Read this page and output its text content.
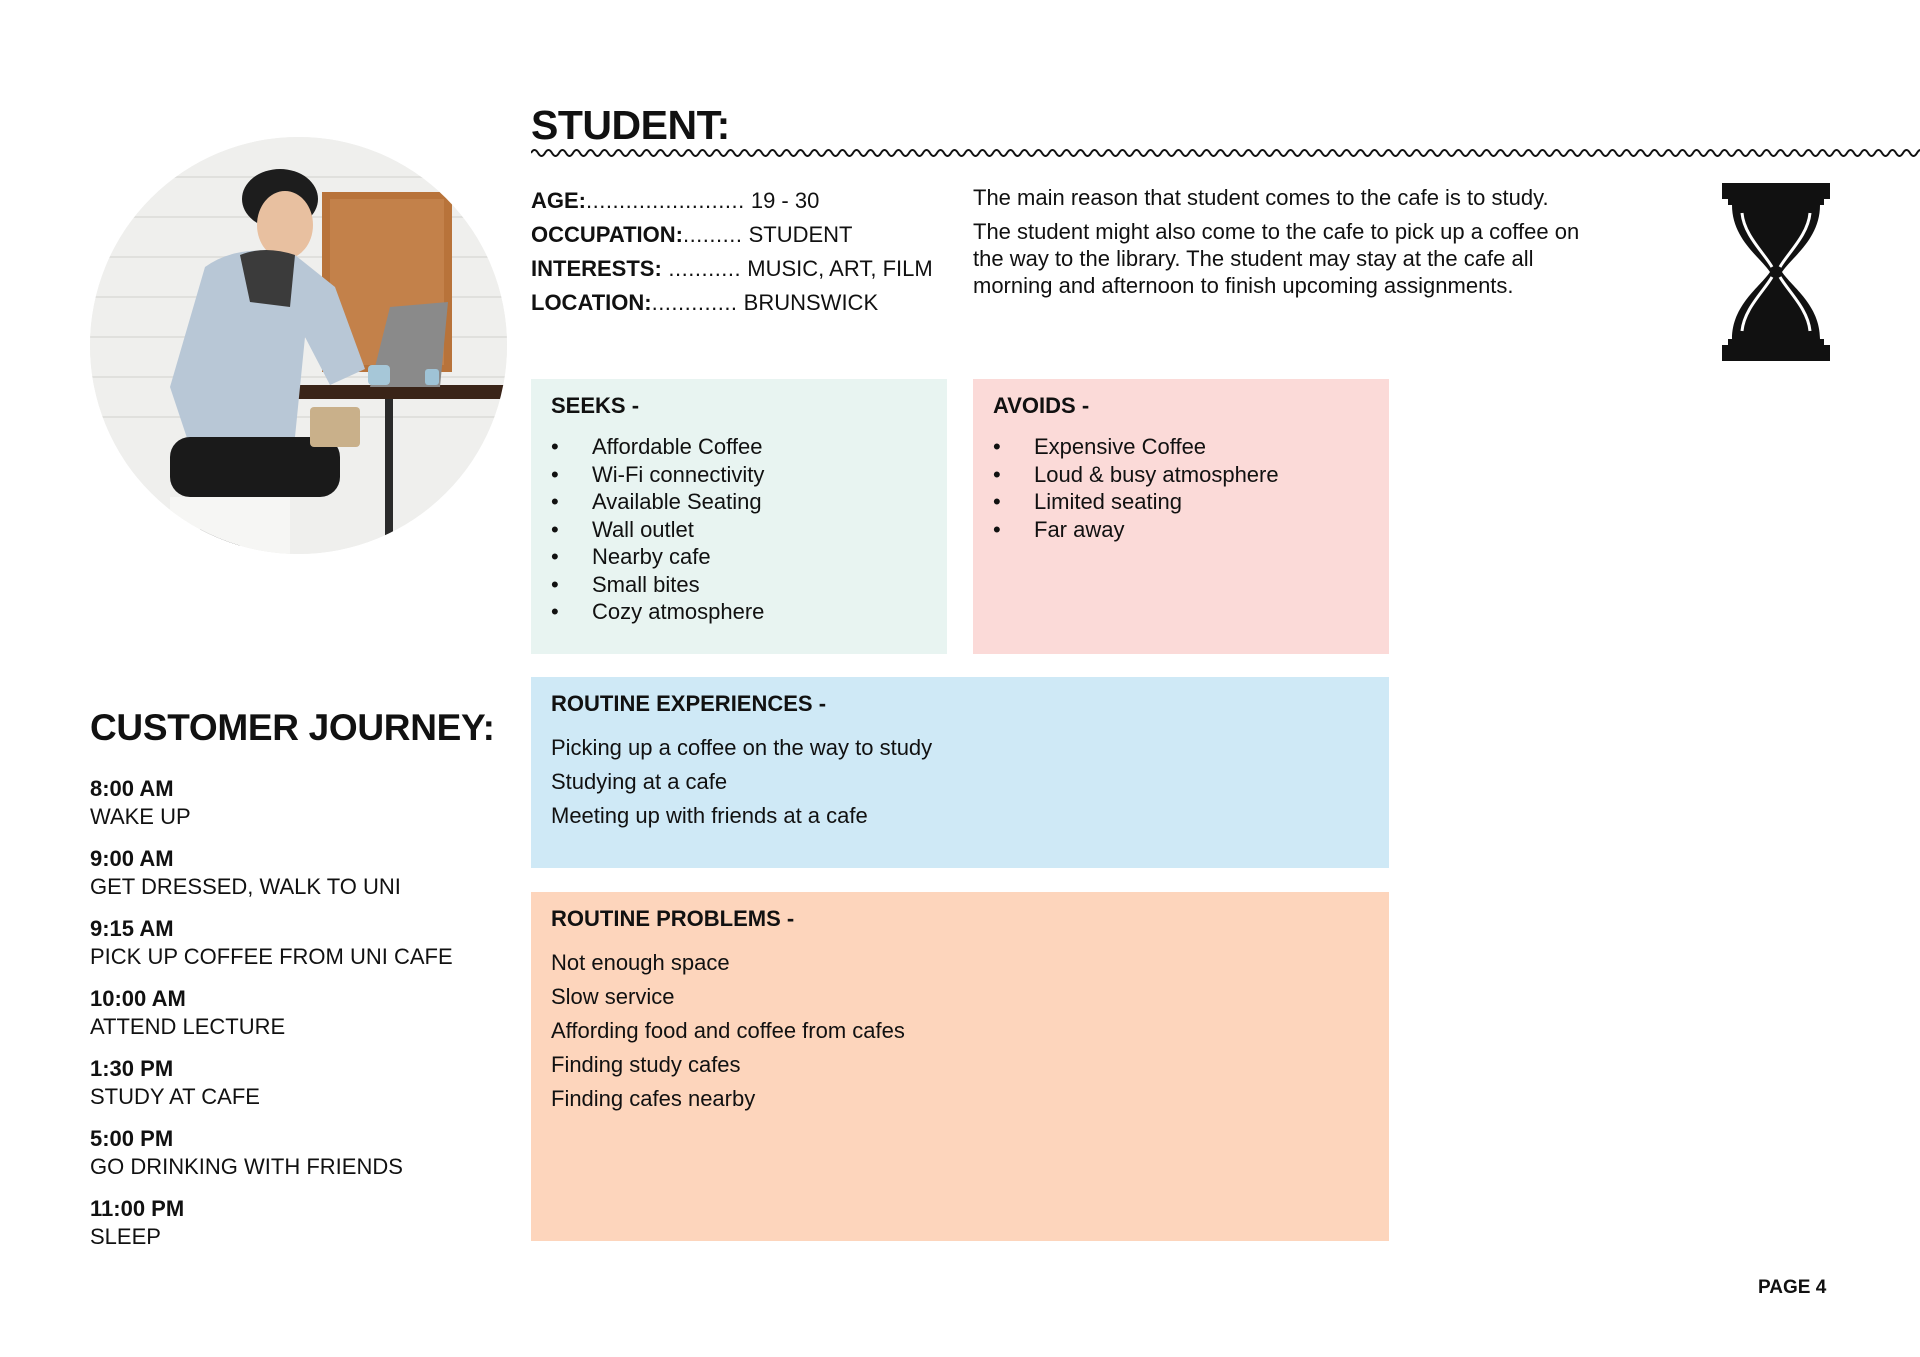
STUDENT:
AGE:........................ 19 - 30
OCCUPATION:......... STUDENT
INTERESTS: ........... MUSIC, ART, FILM
LOCATION:............. BRUNSWICK

The main reason that student comes to the cafe is to study.

The student might also come to the cafe to pick up a coffee on the way to the library. The student may stay at the cafe all morning and afternoon to finish upcoming assignments.

SEEKS -
• Affordable Coffee
• Wi-Fi connectivity
• Available Seating
• Wall outlet
• Nearby cafe
• Small bites
• Cozy atmosphere
AVOIDS -
• Expensive Coffee
• Loud & busy atmosphere
• Limited seating
• Far away
ROUTINE EXPERIENCES -
Picking up a coffee on the way to study
Studying at a cafe
Meeting up with friends at a cafe
ROUTINE PROBLEMS -
Not enough space
Slow service
Affording food and coffee from cafes
Finding study cafes
Finding cafes nearby
CUSTOMER JOURNEY:
8:00 AM
WAKE UP
9:00 AM
GET DRESSED, WALK TO UNI
9:15 AM
PICK UP COFFEE FROM UNI CAFE
10:00 AM
ATTEND LECTURE
1:30 PM
STUDY AT CAFE
5:00 PM
GO DRINKING WITH FRIENDS
11:00 PM
SLEEP
PAGE 4
